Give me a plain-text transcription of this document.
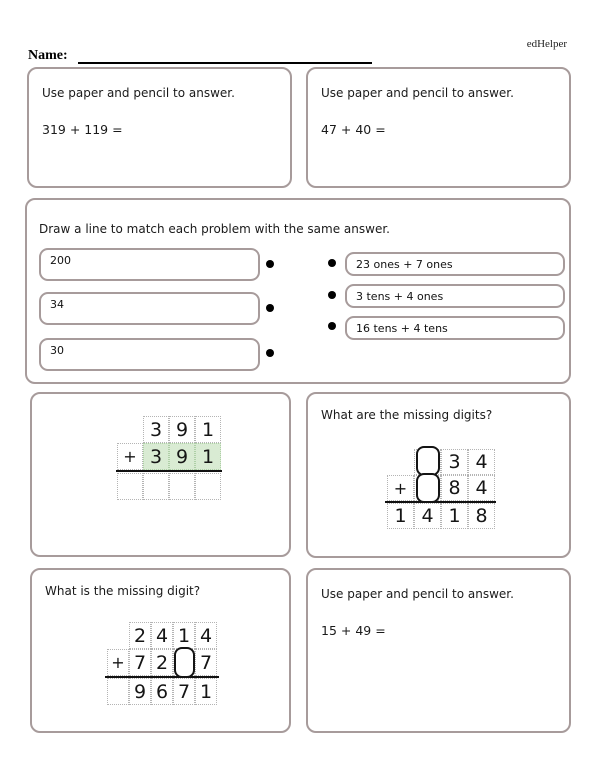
edHelper
Name:
Use paper and pencil to answer.
319 + 119 =
Use paper and pencil to answer.
47 + 40 =
Draw a line to match each problem with the same answer.
200
34
30
23 ones + 7 ones
3 tens + 4 ones
16 tens + 4 tens
3 9 1
+ 3 9 1
What are the missing digits?
3 4
+	8 4
1 4 1 8
What is the missing digit?
2 4 1 4
+ 7 2 7
9 6 7 1
Use paper and pencil to answer.
15 + 49 =
